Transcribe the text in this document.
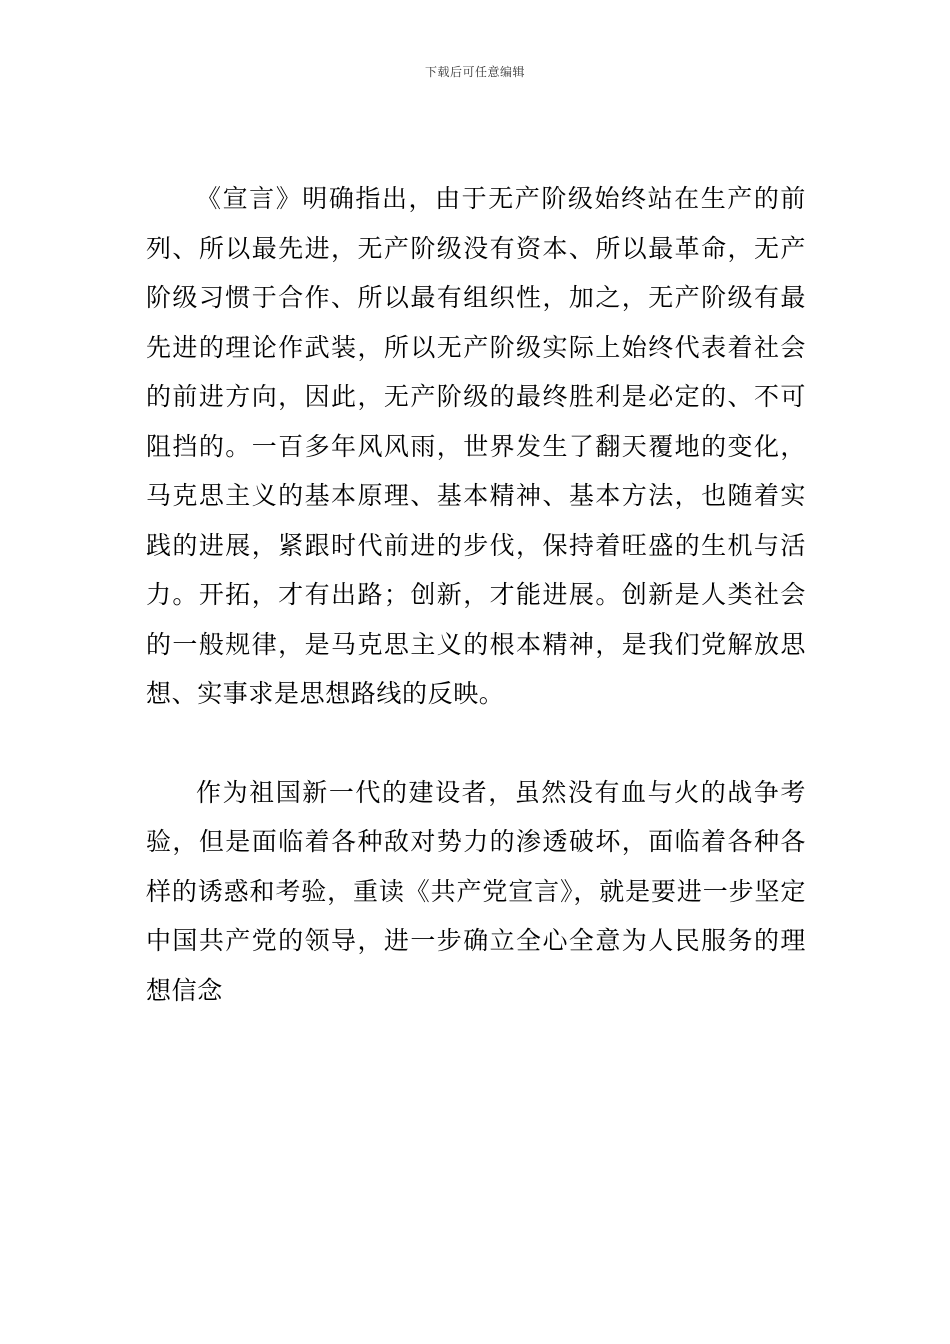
下载后可任意编辑

《宣言》明确指出，由于无产阶级始终站在生产的前列、所以最先进，无产阶级没有资本、所以最革命，无产阶级习惯于合作、所以最有组织性，加之，无产阶级有最先进的理论作武装，所以无产阶级实际上始终代表着社会的前进方向，因此，无产阶级的最终胜利是必定的、不可阻挡的。一百多年风风雨，世界发生了翻天覆地的变化，马克思主义的基本原理、基本精神、基本方法，也随着实践的进展，紧跟时代前进的步伐，保持着旺盛的生机与活力。开拓，才有出路；创新，才能进展。创新是人类社会的一般规律，是马克思主义的根本精神，是我们党解放思想、实事求是思想路线的反映。

作为祖国新一代的建设者，虽然没有血与火的战争考验，但是面临着各种敌对势力的渗透破坏，面临着各种各样的诱惑和考验，重读《共产党宣言》，就是要进一步坚定中国共产党的领导，进一步确立全心全意为人民服务的理想信念
